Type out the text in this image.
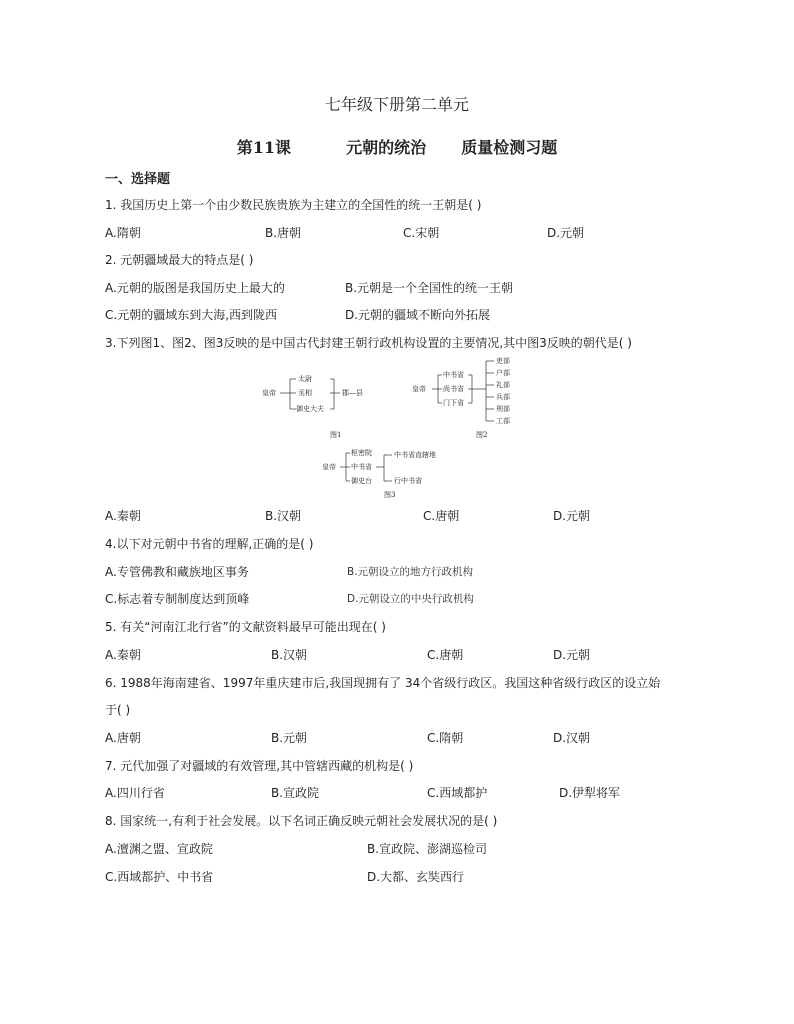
七年级下册第二单元
第11课	元朝的统治 质量检测习题
一、选择题
1. 我国历史上第一个由少数民族贵族为主建立的全国性的统一王朝是( )
A.隋朝	B.唐朝	C.宋朝	D.元朝
2. 元朝疆域最大的特点是( )
A.元朝的版图是我国历史上最大的	B.元朝是一个全国性的统一王朝
C.元朝的疆域东到大海,西到陇西	D.元朝的疆域不断向外拓展
3.下列图1、图2、图3反映的是中国古代封建王朝行政机构设置的主要情况,其中图3反映的朝代是( )
皇帝
太尉
丞相
御史大夫
郡—县
图1
皇帝
中书省
尚书省
门下省
吏部
户部
礼部
兵部
刑部
工部
图2
皇帝
枢密院
中书省
御史台
中书省直辖地
行中书省
图3
A.秦朝	B.汉朝	C.唐朝	D.元朝
4.以下对元朝中书省的理解,正确的是( )
A.专管佛教和藏族地区事务	B.元朝设立的地方行政机构
C.标志着专制制度达到顶峰	D.元朝设立的中央行政机构
5. 有关“河南江北行省”的文献资料最早可能出现在( )
A.秦朝	B.汉朝	C.唐朝	D.元朝
6. 1988年海南建省、1997年重庆建市后,我国现拥有了 34个省级行政区。我国这种省级行政区的设立始
于( )
A.唐朝	B.元朝	C.隋朝	D.汉朝
7. 元代加强了对疆域的有效管理,其中管辖西藏的机构是( )
A.四川行省	B.宣政院	C.西域都护	D.伊犁将军
8. 国家统一,有利于社会发展。以下名词正确反映元朝社会发展状况的是( )
A.澶渊之盟、宣政院	B.宣政院、澎湖巡检司
C.西域都护、中书省	D.大都、玄奘西行
